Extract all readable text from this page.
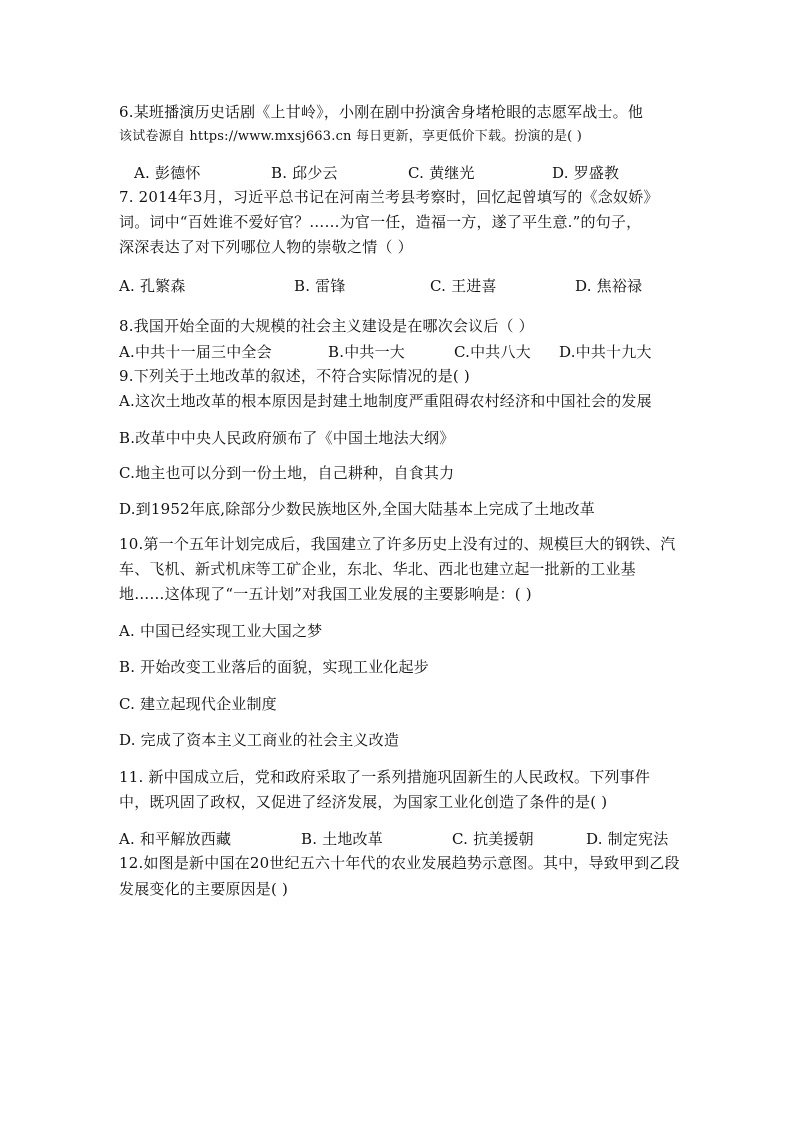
6.某班播演历史话剧《上甘岭》，小刚在剧中扮演舍身堵枪眼的志愿军战士。他
该试卷源自 https://www.mxsj663.cn 每日更新，享更低价下载。扮演的是( )
A. 彭德怀	B. 邱少云	C. 黄继光	D. 罗盛教
7. 2014年3月，习近平总书记在河南兰考县考察时，回忆起曾填写的《念奴娇》
词。词中“百姓谁不爱好官？……为官一任，造福一方，遂了平生意.”的句子，
深深表达了对下列哪位人物的崇敬之情（ ）
A. 孔繁森	B. 雷锋	C. 王进喜	D. 焦裕禄
8.我国开始全面的大规模的社会主义建设是在哪次会议后（ ）
A.中共十一届三中全会	B.中共一大	C.中共八大 D.中共十九大
9.下列关于土地改革的叙述，不符合实际情况的是( )
A.这次土地改革的根本原因是封建土地制度严重阻碍农村经济和中国社会的发展
B.改革中中央人民政府颁布了《中国土地法大纲》
C.地主也可以分到一份土地，自己耕种，自食其力
D.到1952年底,除部分少数民族地区外,全国大陆基本上完成了土地改革
10.第一个五年计划完成后，我国建立了许多历史上没有过的、规模巨大的钢铁、汽
车、飞机、新式机床等工矿企业，东北、华北、西北也建立起一批新的工业基
地……这体现了“一五计划”对我国工业发展的主要影响是：( )
A. 中国已经实现工业大国之梦
B. 开始改变工业落后的面貌，实现工业化起步
C. 建立起现代企业制度
D. 完成了资本主义工商业的社会主义改造
11. 新中国成立后，党和政府采取了一系列措施巩固新生的人民政权。下列事件
中，既巩固了政权，又促进了经济发展，为国家工业化创造了条件的是( )
A. 和平解放西藏	B. 土地改革	C. 抗美援朝	D. 制定宪法
12.如图是新中国在20世纪五六十年代的农业发展趋势示意图。其中，导致甲到乙段
发展变化的主要原因是( )
